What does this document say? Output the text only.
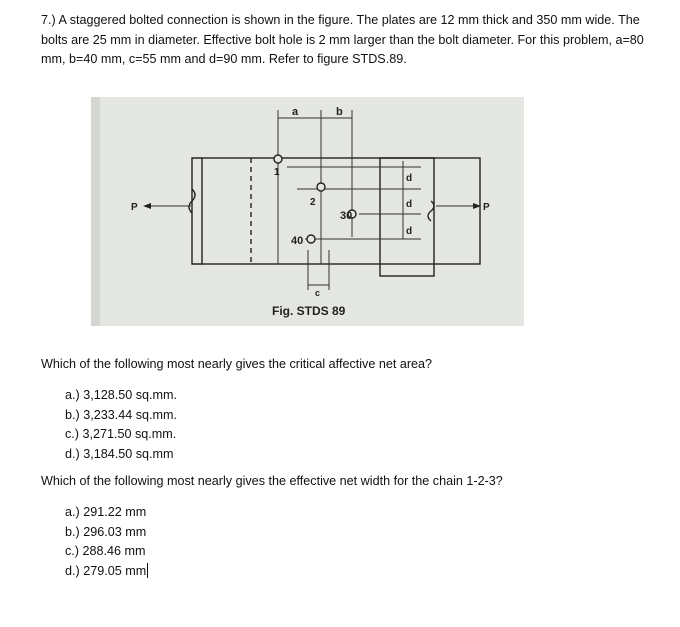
7.) A staggered bolted connection is shown in the figure. The plates are 12 mm thick and 350 mm wide. The bolts are 25 mm in diameter. Effective bolt hole is 2 mm larger than the bolt diameter. For this problem, a=80 mm, b=40 mm, c=55 mm and d=90 mm. Refer to figure STDS.89.
a	b
1
2
30
40
d
d
d
c
P	P
Fig. STDS 89
Which of the following most nearly gives the critical affective net area?
a.) 3,128.50 sq.mm.
b.) 3,233.44 sq.mm.
c.) 3,271.50 sq.mm.
d.) 3,184.50 sq.mm
Which of the following most nearly gives the effective net width for the chain 1-2-3?
a.) 291.22 mm
b.) 296.03 mm
c.) 288.46 mm
d.) 279.05 mm
